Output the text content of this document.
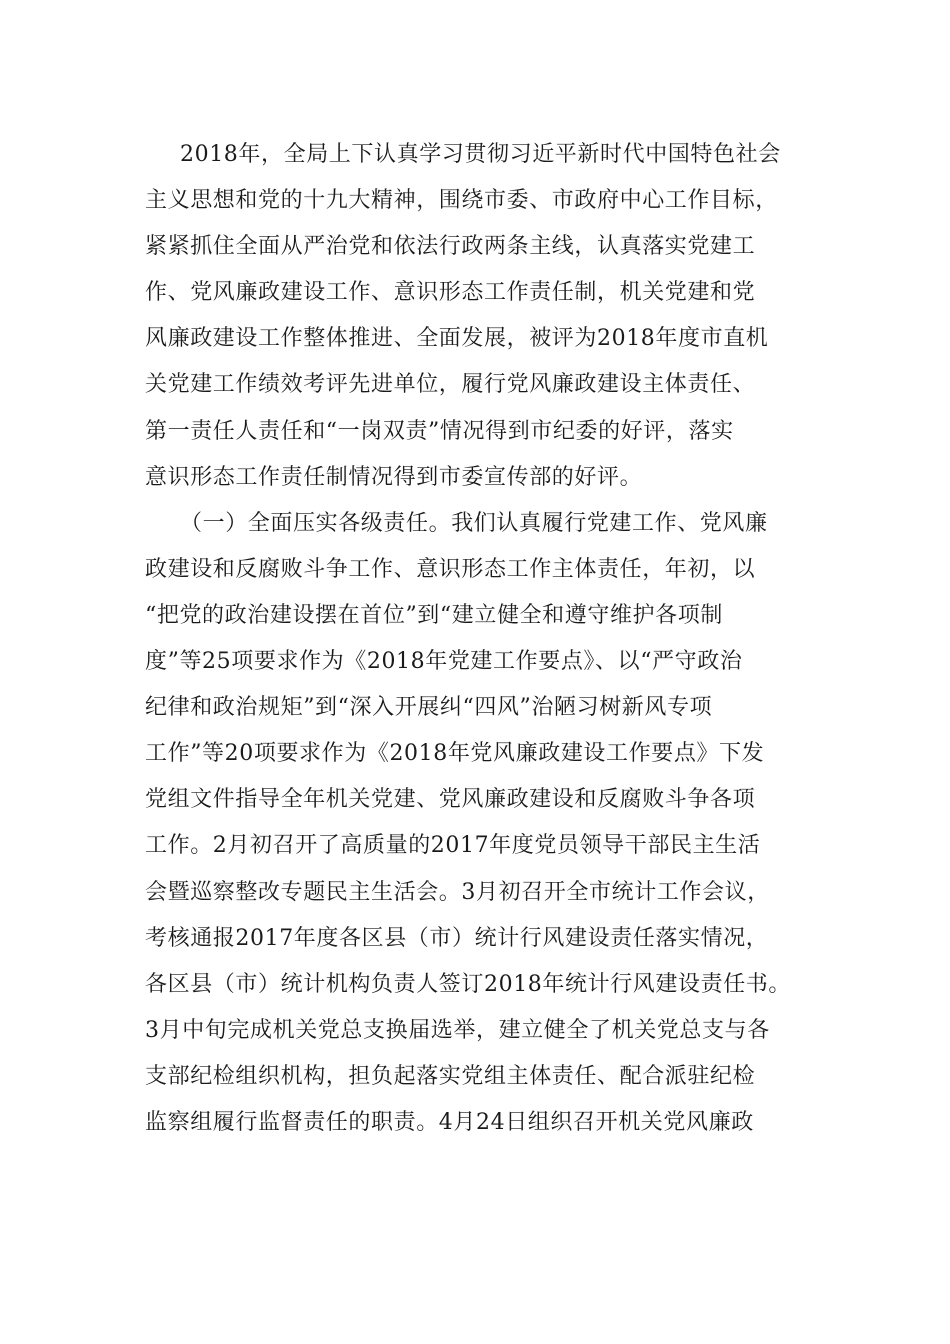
2018年，全局上下认真学习贯彻习近平新时代中国特色社会
主义思想和党的十九大精神，围绕市委、市政府中心工作目标，
紧紧抓住全面从严治党和依法行政两条主线，认真落实党建工
作、党风廉政建设工作、意识形态工作责任制，机关党建和党
风廉政建设工作整体推进、全面发展，被评为2018年度市直机
关党建工作绩效考评先进单位，履行党风廉政建设主体责任、
第一责任人责任和“一岗双责”情况得到市纪委的好评，落实
意识形态工作责任制情况得到市委宣传部的好评。
（一）全面压实各级责任。我们认真履行党建工作、党风廉
政建设和反腐败斗争工作、意识形态工作主体责任，年初，以
“把党的政治建设摆在首位”到“建立健全和遵守维护各项制
度”等25项要求作为《2018年党建工作要点》、以“严守政治
纪律和政治规矩”到“深入开展纠“四风”治陋习树新风专项
工作”等20项要求作为《2018年党风廉政建设工作要点》下发
党组文件指导全年机关党建、党风廉政建设和反腐败斗争各项
工作。2月初召开了高质量的2017年度党员领导干部民主生活
会暨巡察整改专题民主生活会。3月初召开全市统计工作会议，
考核通报2017年度各区县（市）统计行风建设责任落实情况，
各区县（市）统计机构负责人签订2018年统计行风建设责任书。
3月中旬完成机关党总支换届选举，建立健全了机关党总支与各
支部纪检组织机构，担负起落实党组主体责任、配合派驻纪检
监察组履行监督责任的职责。4月24日组织召开机关党风廉政
